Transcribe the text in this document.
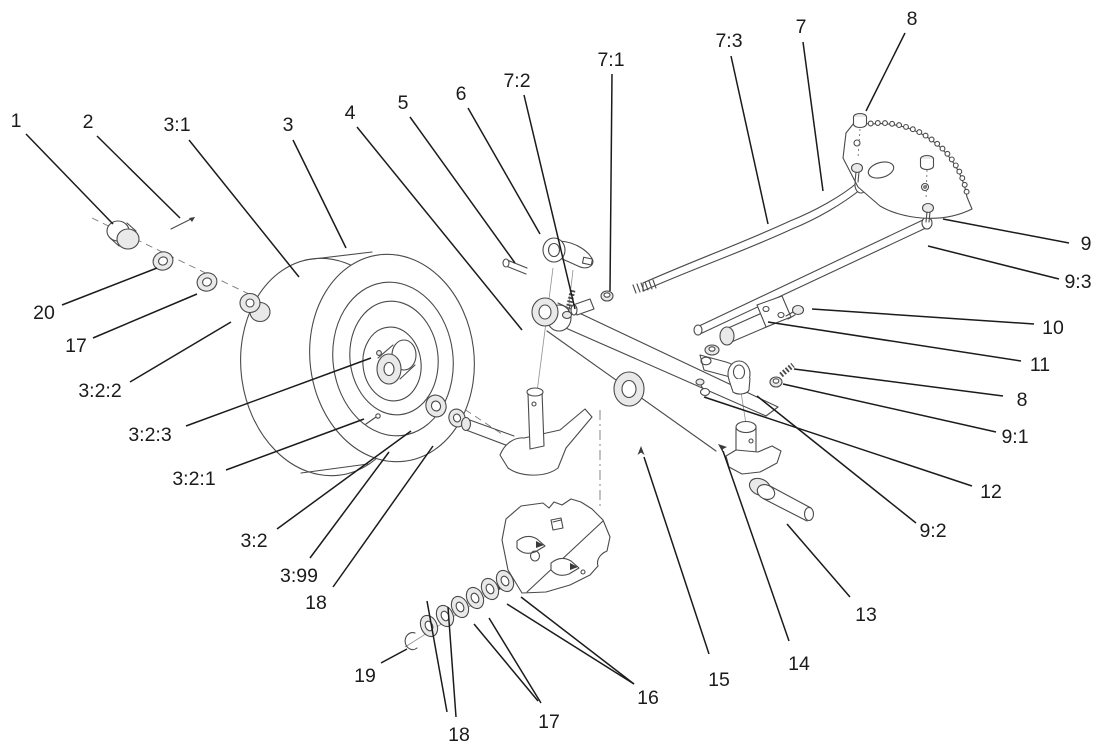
1	2	3:1	3
4 5 6
7:2
7:1
7:3
7	8
9
9:3
10
11
8
9:1
12
9:2
13
14
15
16
17
18
19
20
17
3:2:2
3:2:3
3:2:1
3:2
3:99
18
